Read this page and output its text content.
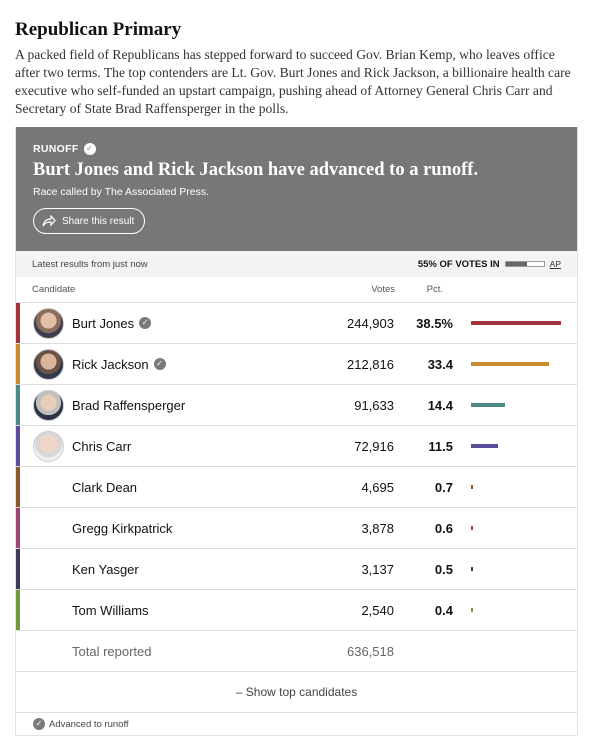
Republican Primary
A packed field of Republicans has stepped forward to succeed Gov. Brian Kemp, who leaves office after two terms. The top contenders are Lt. Gov. Burt Jones and Rick Jackson, a billionaire health care executive who self-funded an upstart campaign, pushing ahead of Attorney General Chris Carr and Secretary of State Brad Raffensperger in the polls.
RUNOFF ✓
Burt Jones and Rick Jackson have advanced to a runoff.
Race called by The Associated Press.
Share this result
Latest results from just now	55% OF VOTES IN	AP
Candidate	Votes	Pct.
Burt Jones ✓	244,903 38.5%
Rick Jackson ✓	212,816	33.4
Brad Raffensperger	91,633	14.4
Chris Carr	72,916	11.5
Clark Dean	4,695	0.7
Gregg Kirkpatrick	3,878	0.6
Ken Yasger	3,137	0.5
Tom Williams	2,540	0.4
Total reported	636,518
– Show top candidates
✓ Advanced to runoff
